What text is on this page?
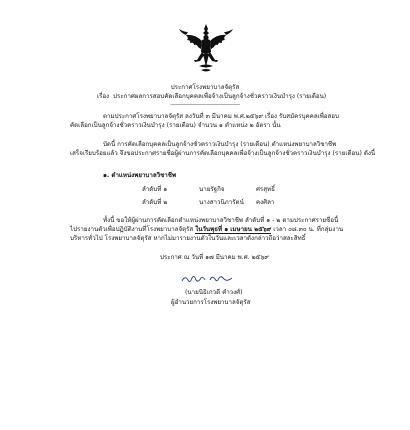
ประกาศโรงพยาบาลจัตุรัส
เรื่อง ประกาศผลการสอบคัดเลือกบุคคลเพื่อจ้างเป็นลูกจ้างชั่วคราวเงินบำรุง (รายเดือน)
----------------------------------------
ตามประกาศโรงพยาบาลจัตุรัส ลงวันที่ ๓ มีนาคม พ.ศ.๒๕๖๙ เรื่อง รับสมัครบุคคลเพื่อสอบ
คัดเลือกเป็นลูกจ้างชั่วคราวเงินบำรุง (รายเดือน) จำนวน ๑ ตำแหน่ง ๒ อัตรา นั้น
บัดนี้ การคัดเลือกบุคคลเป็นลูกจ้างชั่วคราวเงินบำรุง (รายเดือน) ตำแหน่งพยาบาลวิชาชีพ
เสร็จเรียบร้อยแล้ว จึงขอประกาศรายชื่อผู้ผ่านการคัดเลือกบุคคลเพื่อจ้างเป็นลูกจ้างชั่วคราวเงินบำรุง (รายเดือน) ดังนี้
๑. ตำแหน่งพยาบาลวิชาชีพ
ลำดับที่ ๑	นายรัฐกิจ	ศรสุทธิ์
ลำดับที่ ๒	นางสาวนิภารัตน์ คงศิลา
ทั้งนี้ ขอให้ผู้ผ่านการคัดเลือกตำแหน่งพยาบาลวิชาชีพ ลำดับที่ ๑ - ๒ ตามประกาศรายชื่อนี้
ไปรายงานตัวเพื่อปฏิบัติงานที่โรงพยาบาลจัตุรัส ในวันพุธที่ ๑ เมษายน ๒๕๖๙ เวลา ๐๘.๓๐ น. ที่กลุ่มงาน
บริหารทั่วไป โรงพยาบาลจัตุรัส หากไม่มารายงานตัวในวันและเวลาดังกล่าวถือว่าสละสิทธิ์
ประกาศ ณ วันที่ ๑๗ มีนาคม พ.ศ. ๒๕๖๙
(นายนิธิเกวดี คำวงศ์)
ผู้อำนวยการโรงพยาบาลจัตุรัส
